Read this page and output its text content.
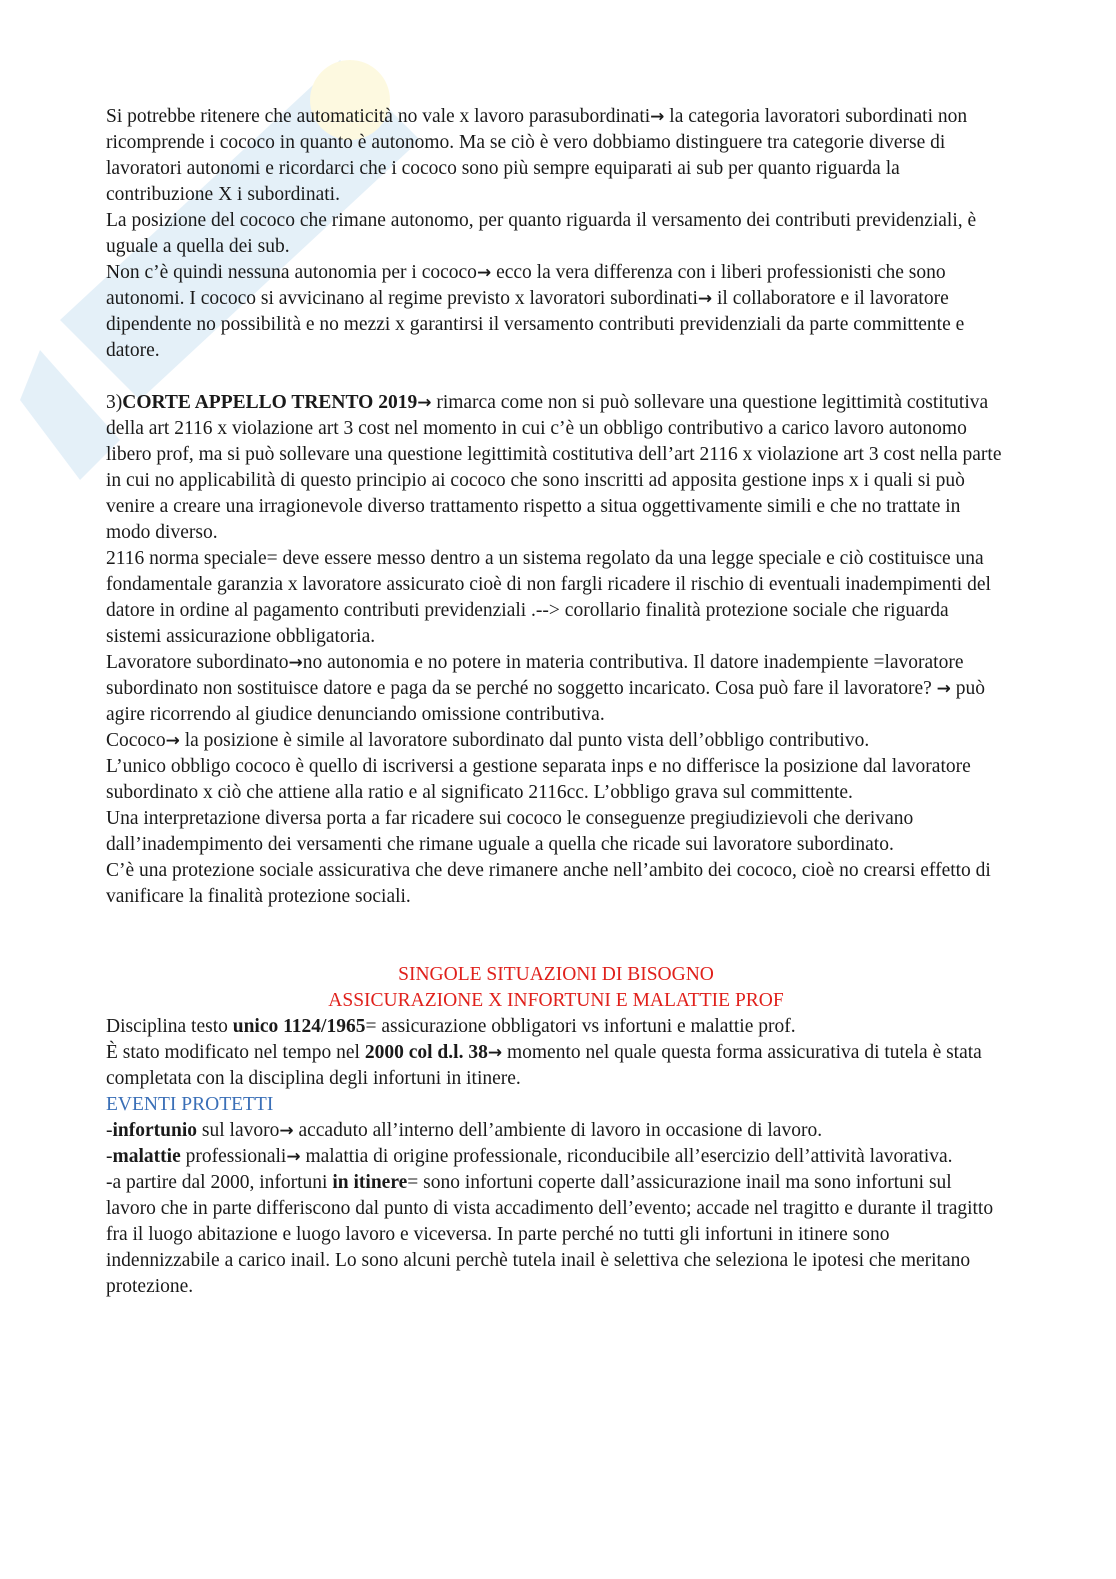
Si potrebbe ritenere che automaticità no vale x lavoro parasubordinati→ la categoria lavoratori subordinati non ricomprende i cococo in quanto è autonomo. Ma se ciò è vero dobbiamo distinguere tra categorie diverse di lavoratori autonomi e ricordarci che i cococo sono più sempre equiparati ai sub per quanto riguarda la contribuzione X i subordinati.

La posizione del cococo che rimane autonomo, per quanto riguarda il versamento dei contributi previdenziali, è uguale a quella dei sub.

Non c’è quindi nessuna autonomia per i cococo→ ecco la vera differenza con i liberi professionisti che sono autonomi. I cococo si avvicinano al regime previsto x lavoratori subordinati→ il collaboratore e il lavoratore dipendente no possibilità e no mezzi x garantirsi il versamento contributi previdenziali da parte committente e datore.

3)CORTE APPELLO TRENTO 2019→ rimarca come non si può sollevare una questione legittimità costitutiva della art 2116 x violazione art 3 cost nel momento in cui c’è un obbligo contributivo a carico lavoro autonomo libero prof, ma si può sollevare una questione legittimità costitutiva dell’art 2116 x violazione art 3 cost nella parte in cui no applicabilità di questo principio ai cococo che sono inscritti ad apposita gestione inps x i quali si può venire a creare una irragionevole diverso trattamento rispetto a situa oggettivamente simili e che no trattate in modo diverso.

2116 norma speciale= deve essere messo dentro a un sistema regolato da una legge speciale e ciò costituisce una fondamentale garanzia x lavoratore assicurato cioè di non fargli ricadere il rischio di eventuali inadempimenti del datore in ordine al pagamento contributi previdenziali .--> corollario finalità protezione sociale che riguarda sistemi assicurazione obbligatoria.

Lavoratore subordinato→no autonomia e no potere in materia contributiva. Il datore inadempiente =lavoratore subordinato non sostituisce datore e paga da se perché no soggetto incaricato. Cosa può fare il lavoratore? → può agire ricorrendo al giudice denunciando omissione contributiva.

Cococo→ la posizione è simile al lavoratore subordinato dal punto vista dell’obbligo contributivo.

L’unico obbligo cococo è quello di iscriversi a gestione separata inps e no differisce la posizione dal lavoratore subordinato x ciò che attiene alla ratio e al significato 2116cc. L’obbligo grava sul committente.

Una interpretazione diversa porta a far ricadere sui cococo le conseguenze pregiudizievoli che derivano dall’inadempimento dei versamenti che rimane uguale a quella che ricade sui lavoratore subordinato.

C’è una protezione sociale assicurativa che deve rimanere anche nell’ambito dei cococo, cioè no crearsi effetto di vanificare la finalità protezione sociali.

SINGOLE SITUAZIONI DI BISOGNO

ASSICURAZIONE X INFORTUNI E MALATTIE PROF

Disciplina testo unico 1124/1965= assicurazione obbligatori vs infortuni e malattie prof.

È stato modificato nel tempo nel 2000 col d.l. 38→ momento nel quale questa forma assicurativa di tutela è stata completata con la disciplina degli infortuni in itinere.

EVENTI PROTETTI

-infortunio sul lavoro→ accaduto all’interno dell’ambiente di lavoro in occasione di lavoro.

-malattie professionali→ malattia di origine professionale, riconducibile all’esercizio dell’attività lavorativa.

-a partire dal 2000, infortuni in itinere= sono infortuni coperte dall’assicurazione inail ma sono infortuni sul lavoro che in parte differiscono dal punto di vista accadimento dell’evento; accade nel tragitto e durante il tragitto fra il luogo abitazione e luogo lavoro e viceversa. In parte perché no tutti gli infortuni in itinere sono indennizzabile a carico inail. Lo sono alcuni perchè tutela inail è selettiva che seleziona le ipotesi che meritano protezione.
